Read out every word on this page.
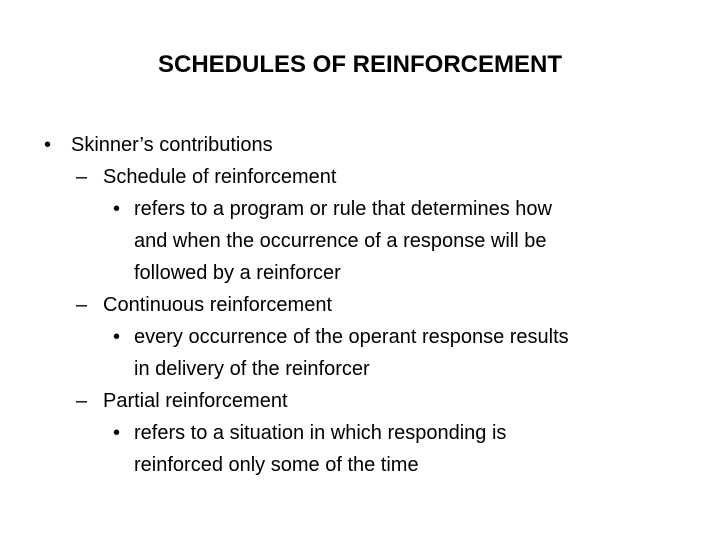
SCHEDULES OF REINFORCEMENT
• Skinner’s contributions
– Schedule of reinforcement
• refers to a program or rule that determines how
and when the occurrence of a response will be
followed by a reinforcer
– Continuous reinforcement
• every occurrence of the operant response results
in delivery of the reinforcer
– Partial reinforcement
• refers to a situation in which responding is
reinforced only some of the time
